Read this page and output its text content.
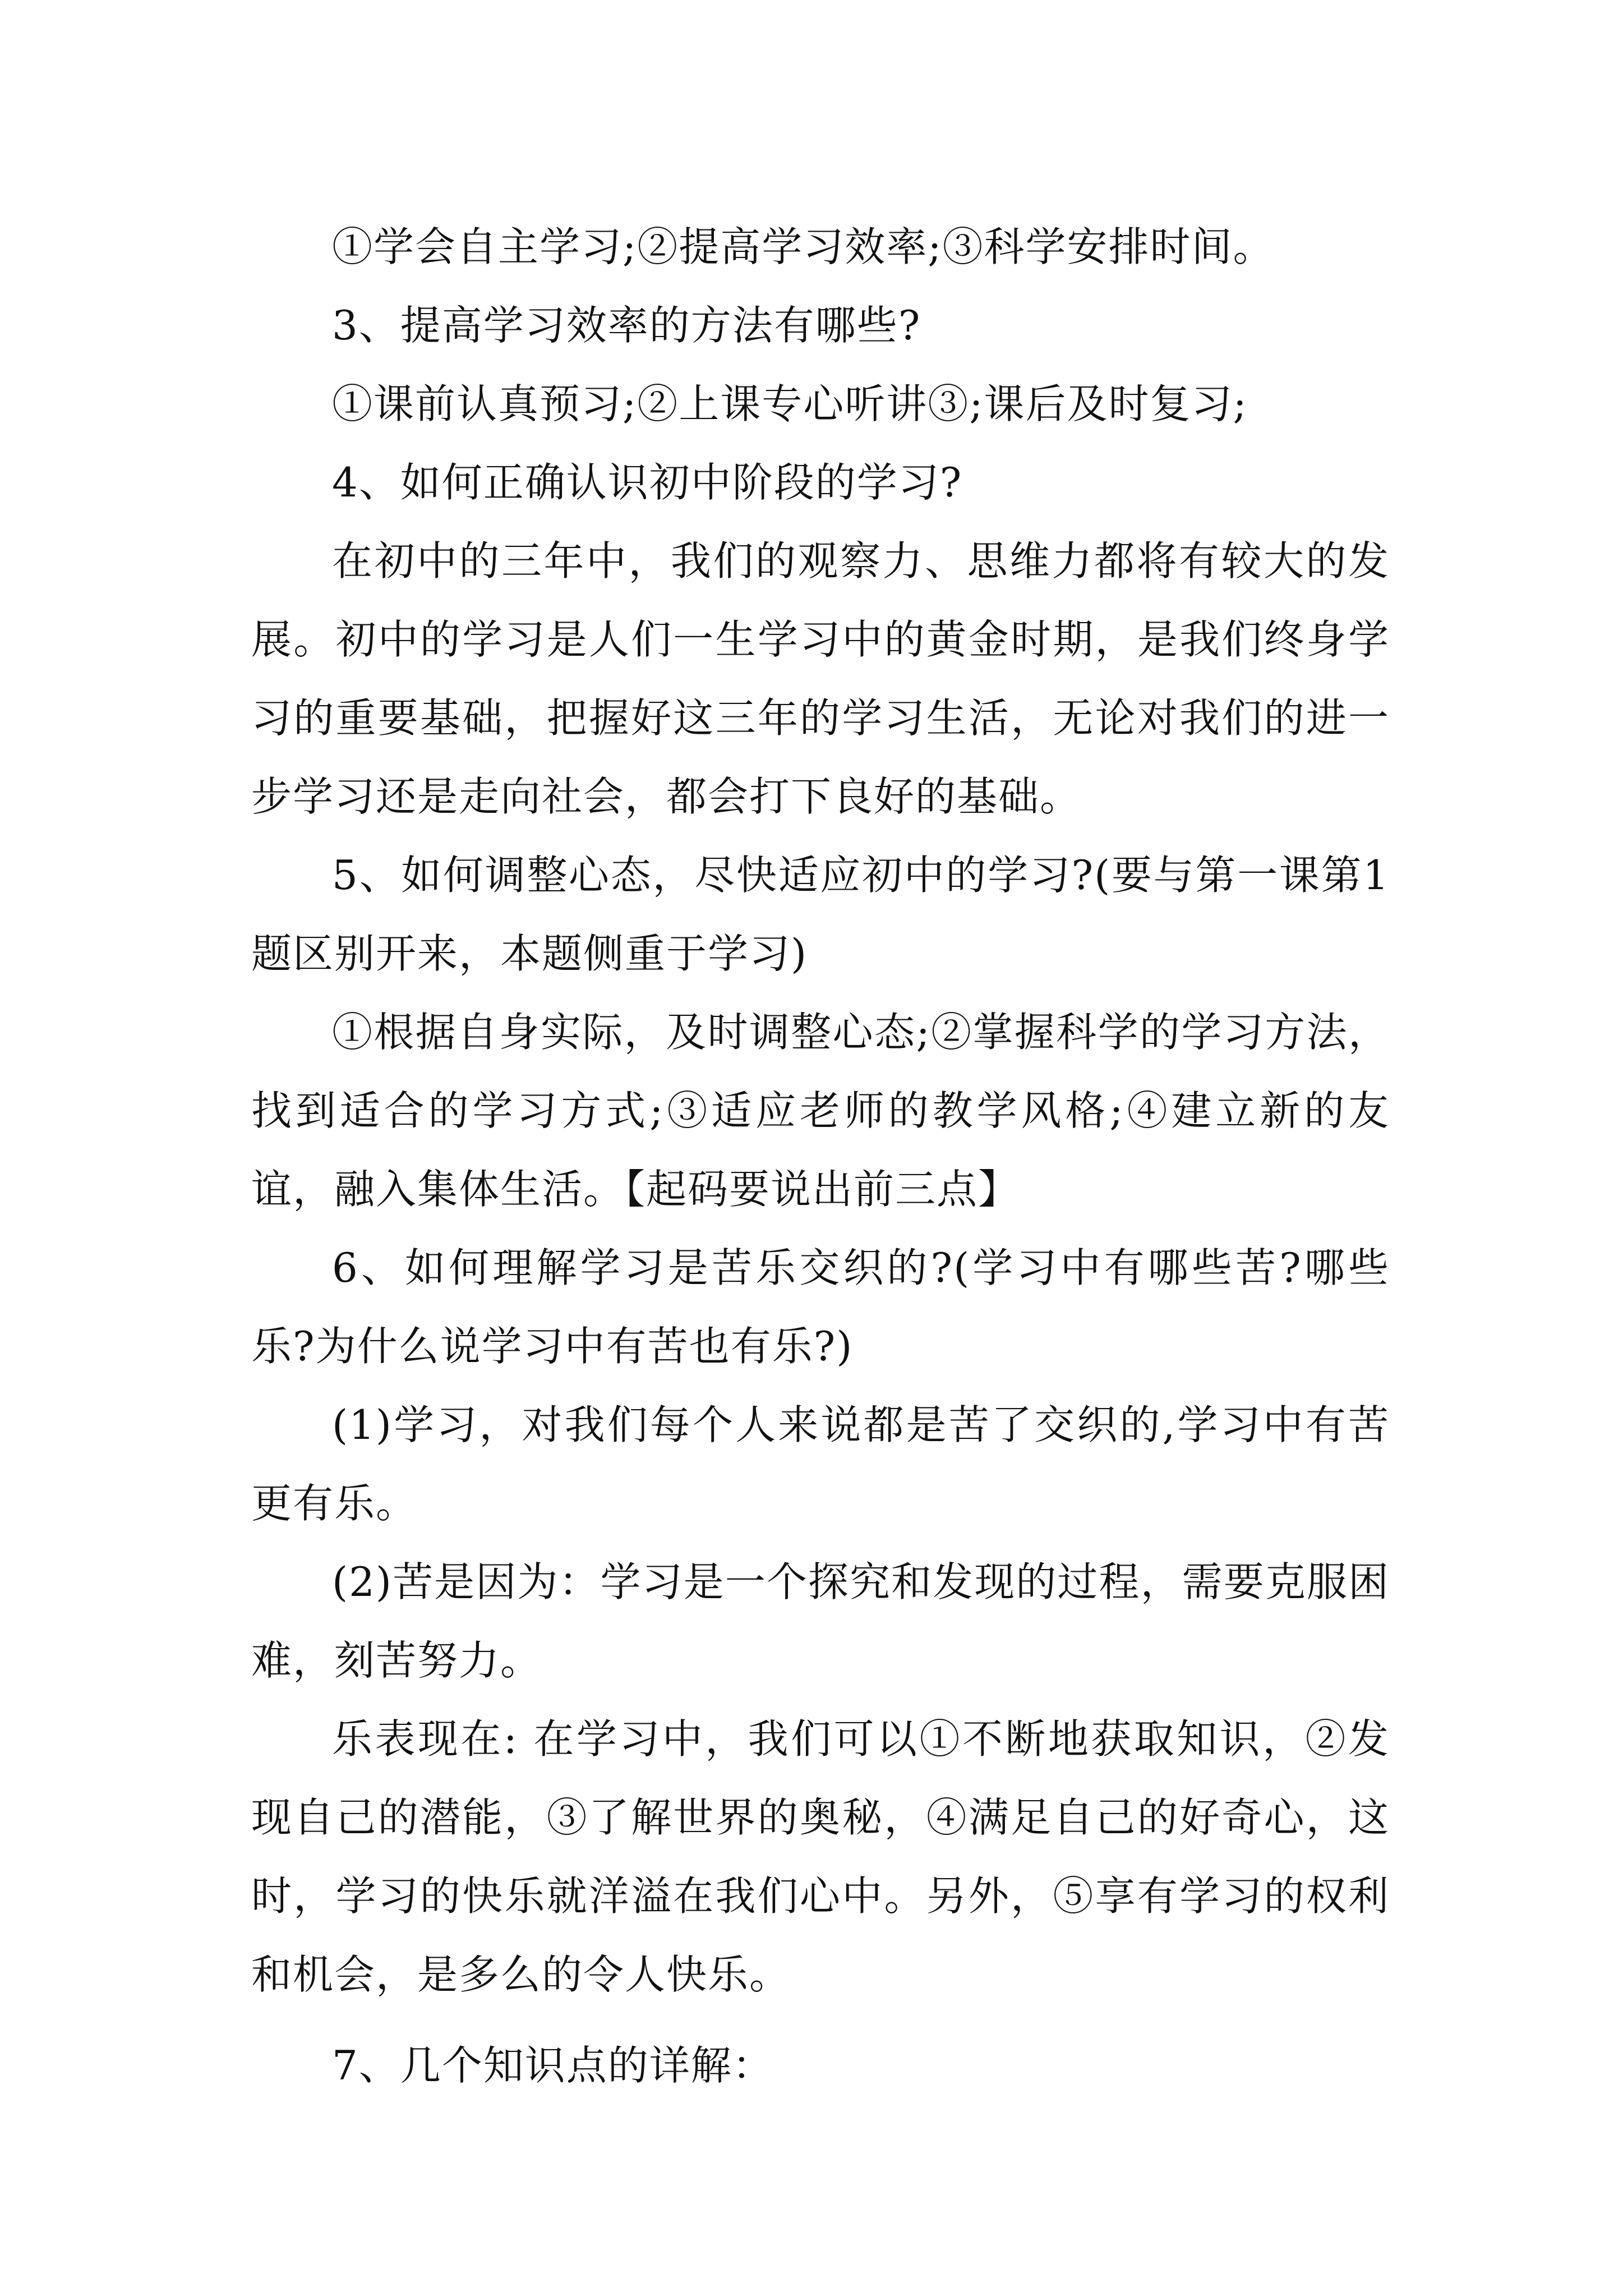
①学会自主学习;②提高学习效率;③科学安排时间。

3、提高学习效率的方法有哪些?

①课前认真预习;②上课专心听讲③;课后及时复习;

4、如何正确认识初中阶段的学习?

在初中的三年中，我们的观察力、思维力都将有较大的发展。初中的学习是人们一生学习中的黄金时期，是我们终身学习的重要基础，把握好这三年的学习生活，无论对我们的进一步学习还是走向社会，都会打下良好的基础。

5、如何调整心态，尽快适应初中的学习?(要与第一课第1题区别开来，本题侧重于学习)

①根据自身实际，及时调整心态;②掌握科学的学习方法，找到适合的学习方式;③适应老师的教学风格;④建立新的友谊，融入集体生活。【起码要说出前三点】

6、如何理解学习是苦乐交织的?(学习中有哪些苦?哪些乐?为什么说学习中有苦也有乐?)

(1)学习，对我们每个人来说都是苦了交织的,学习中有苦更有乐。

(2)苦是因为：学习是一个探究和发现的过程，需要克服困难，刻苦努力。

乐表现在: 在学习中，我们可以①不断地获取知识，②发现自己的潜能，③了解世界的奥秘，④满足自己的好奇心，这时，学习的快乐就洋溢在我们心中。另外，⑤享有学习的权利和机会，是多么的令人快乐。

7、几个知识点的详解：
